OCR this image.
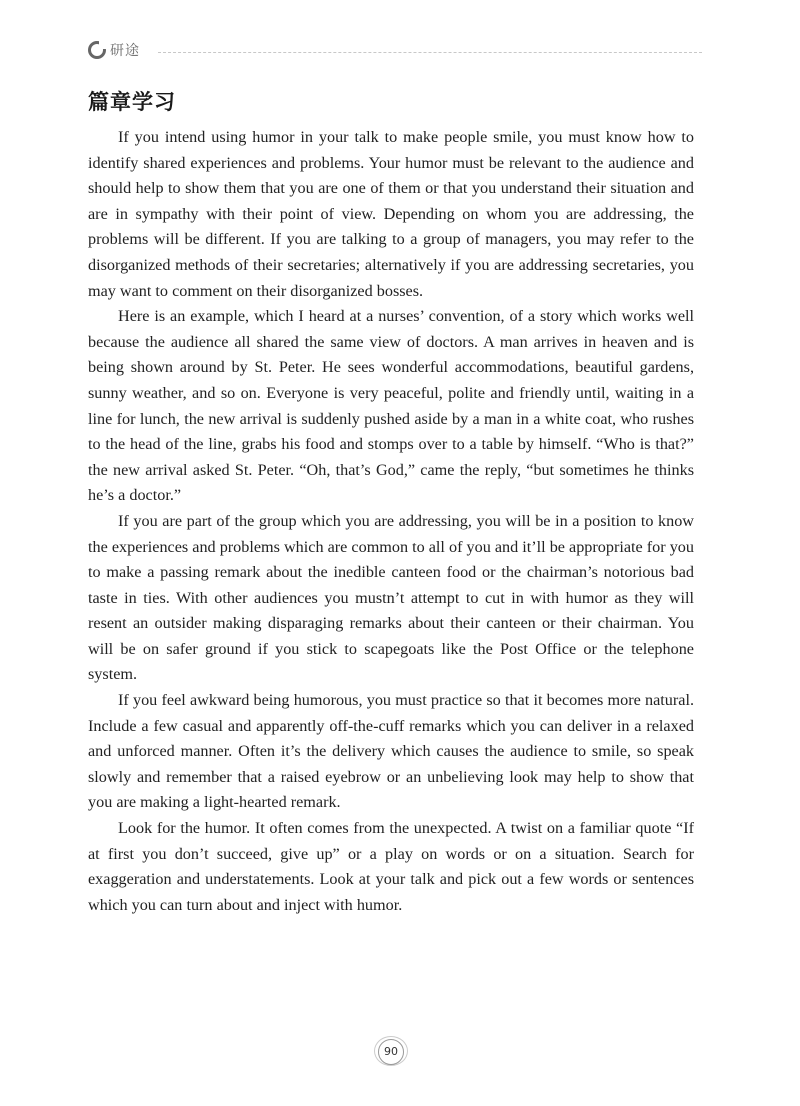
研途
篇章学习

If you intend using humor in your talk to make people smile, you must know how to identify shared experiences and problems. Your humor must be relevant to the audience and should help to show them that you are one of them or that you understand their situation and are in sympathy with their point of view. Depending on whom you are addressing, the problems will be different. If you are talking to a group of managers, you may refer to the disorganized methods of their secretaries; alternatively if you are addressing secretaries, you may want to comment on their disorganized bosses.

Here is an example, which I heard at a nurses’ convention, of a story which works well because the audience all shared the same view of doctors. A man arrives in heaven and is being shown around by St. Peter. He sees wonderful accommodations, beautiful gardens, sunny weather, and so on. Everyone is very peaceful, polite and friendly until, waiting in a line for lunch, the new arrival is suddenly pushed aside by a man in a white coat, who rushes to the head of the line, grabs his food and stomps over to a table by himself. “Who is that?” the new arrival asked St. Peter. “Oh, that’s God,” came the reply, “but sometimes he thinks he’s a doctor.”

If you are part of the group which you are addressing, you will be in a position to know the experiences and problems which are common to all of you and it’ll be appropriate for you to make a passing remark about the inedible canteen food or the chairman’s notorious bad taste in ties. With other audiences you mustn’t attempt to cut in with humor as they will resent an outsider making disparaging remarks about their canteen or their chairman. You will be on safer ground if you stick to scapegoats like the Post Office or the telephone system.

If you feel awkward being humorous, you must practice so that it becomes more natural. Include a few casual and apparently off-the-cuff remarks which you can deliver in a relaxed and unforced manner. Often it’s the delivery which causes the audience to smile, so speak slowly and remember that a raised eyebrow or an unbelieving look may help to show that you are making a light-hearted remark.

Look for the humor. It often comes from the unexpected. A twist on a familiar quote “If at first you don’t succeed, give up” or a play on words or on a situation. Search for exaggeration and understatements. Look at your talk and pick out a few words or sentences which you can turn about and inject with humor.

90
